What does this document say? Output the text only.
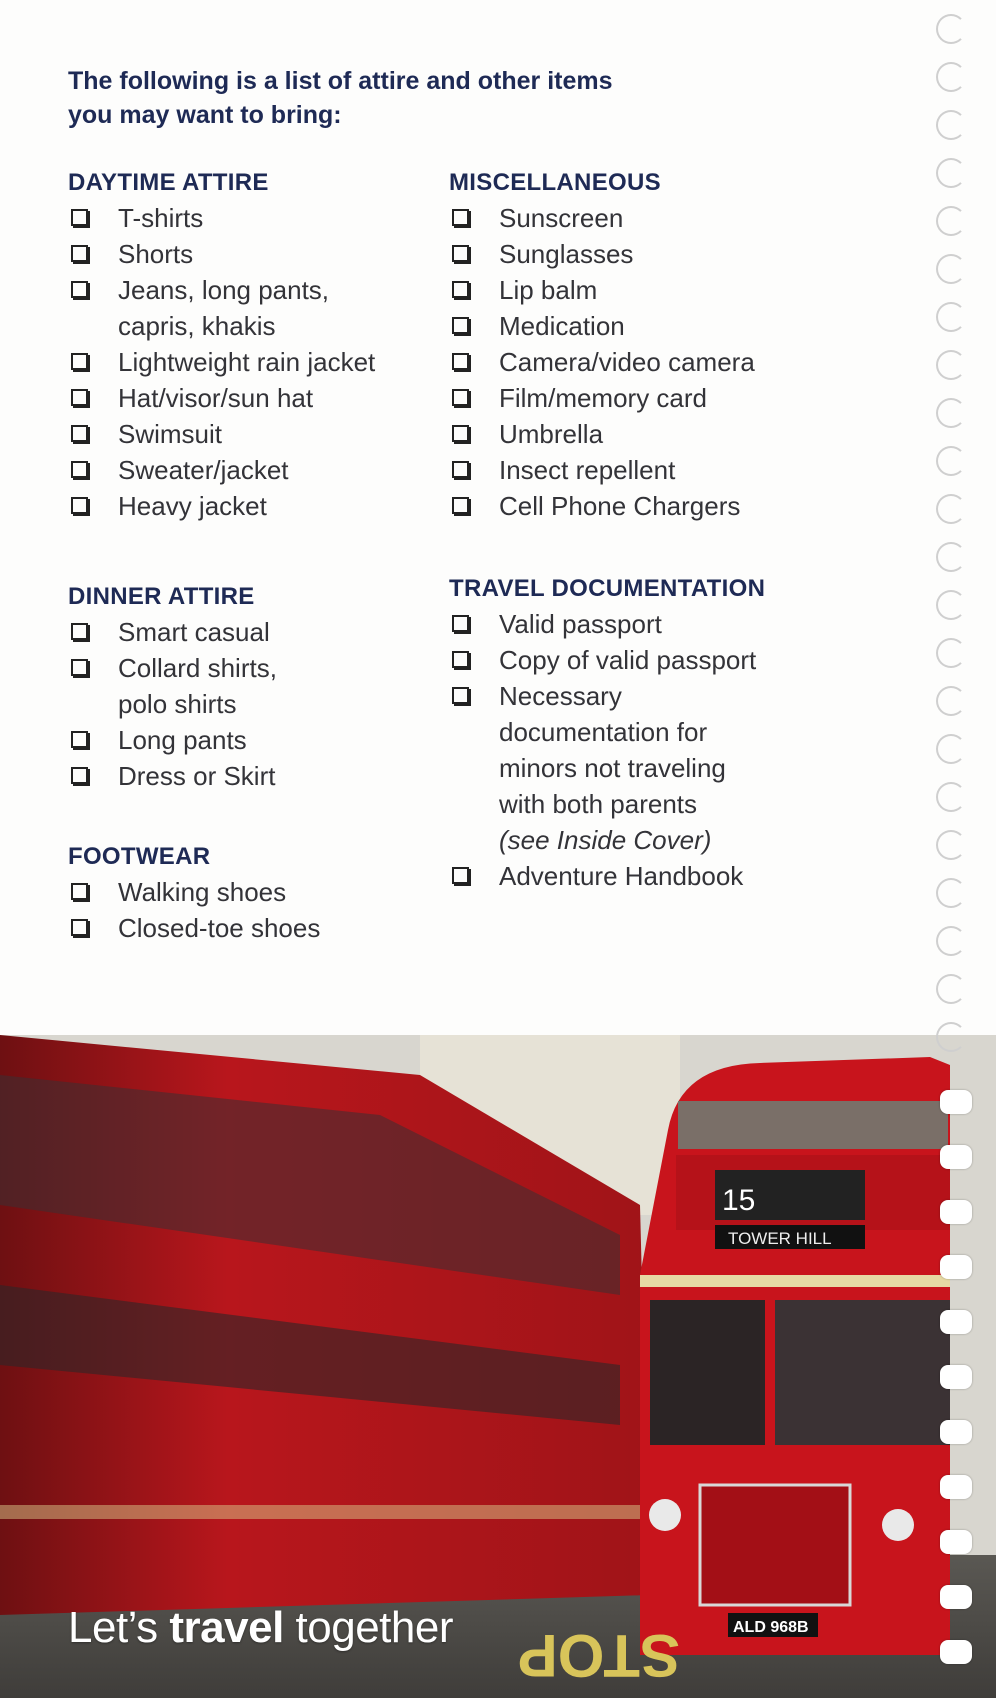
The following is a list of attire and other items
you may want to bring:
DAYTIME ATTIRE
T-shirts
Shorts
Jeans, long pants,
capris, khakis
Lightweight rain jacket
Hat/visor/sun hat
Swimsuit
Sweater/jacket
Heavy jacket
DINNER ATTIRE
Smart casual
Collard shirts,
polo shirts
Long pants
Dress or Skirt
FOOTWEAR
Walking shoes
Closed-toe shoes
MISCELLANEOUS
Sunscreen
Sunglasses
Lip balm
Medication
Camera/video camera
Film/memory card
Umbrella
Insect repellent
Cell Phone Chargers
TRAVEL DOCUMENTATION
Valid passport
Copy of valid passport
Necessary
documentation for
minors not traveling
with both parents
(see Inside Cover)
Adventure Handbook
15
TOWER HILL
ALD 968B
STOP
Let’s travel together
